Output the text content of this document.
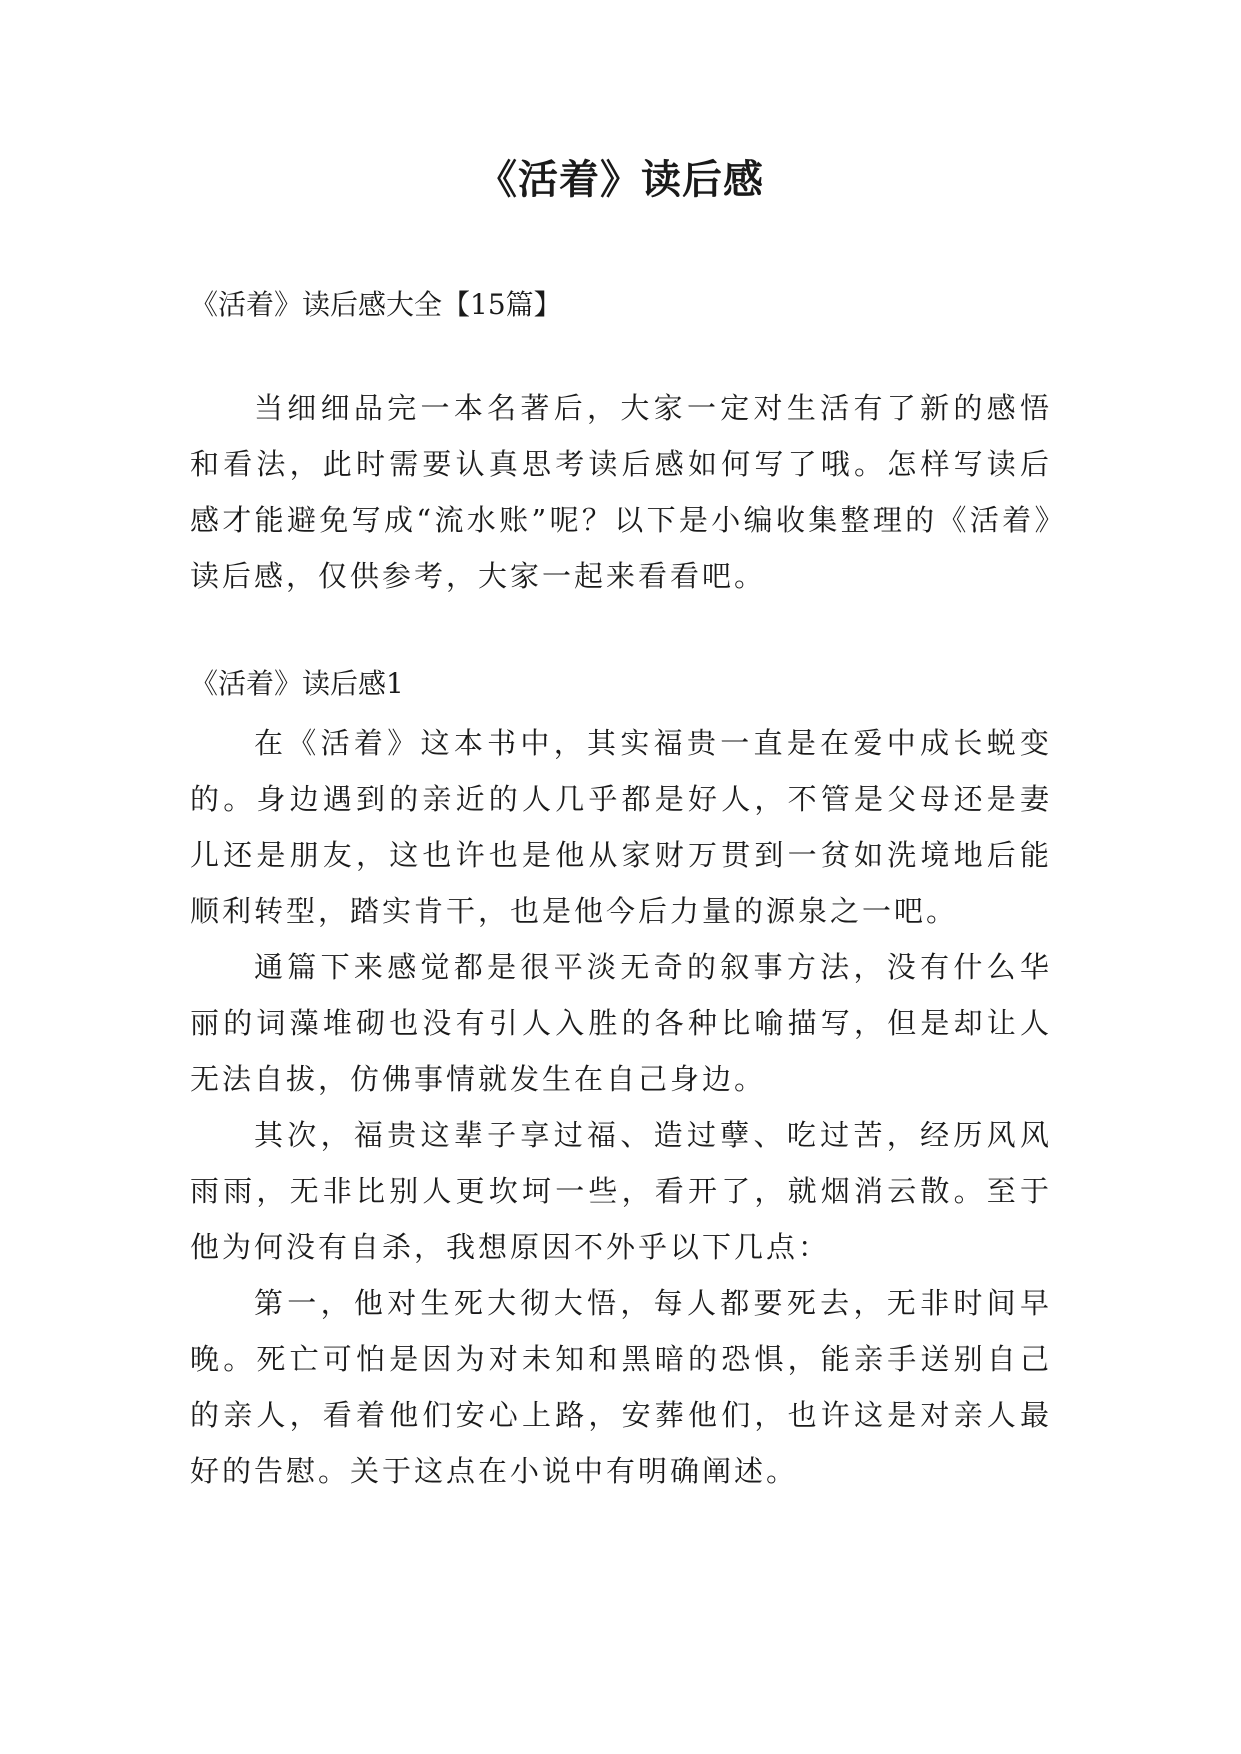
《活着》读后感

《活着》读后感大全【15篇】

当细细品完一本名著后，大家一定对生活有了新的感悟和看法，此时需要认真思考读后感如何写了哦。怎样写读后感才能避免写成“流水账”呢？以下是小编收集整理的《活着》读后感，仅供参考，大家一起来看看吧。

《活着》读后感1

在《活着》这本书中，其实福贵一直是在爱中成长蜕变的。身边遇到的亲近的人几乎都是好人，不管是父母还是妻儿还是朋友，这也许也是他从家财万贯到一贫如洗境地后能顺利转型，踏实肯干，也是他今后力量的源泉之一吧。

通篇下来感觉都是很平淡无奇的叙事方法，没有什么华丽的词藻堆砌也没有引人入胜的各种比喻描写，但是却让人无法自拔，仿佛事情就发生在自己身边。

其次，福贵这辈子享过福、造过孽、吃过苦，经历风风雨雨，无非比别人更坎坷一些，看开了，就烟消云散。至于他为何没有自杀，我想原因不外乎以下几点：

第一，他对生死大彻大悟，每人都要死去，无非时间早晚。死亡可怕是因为对未知和黑暗的恐惧，能亲手送别自己的亲人，看着他们安心上路，安葬他们，也许这是对亲人最好的告慰。关于这点在小说中有明确阐述。
